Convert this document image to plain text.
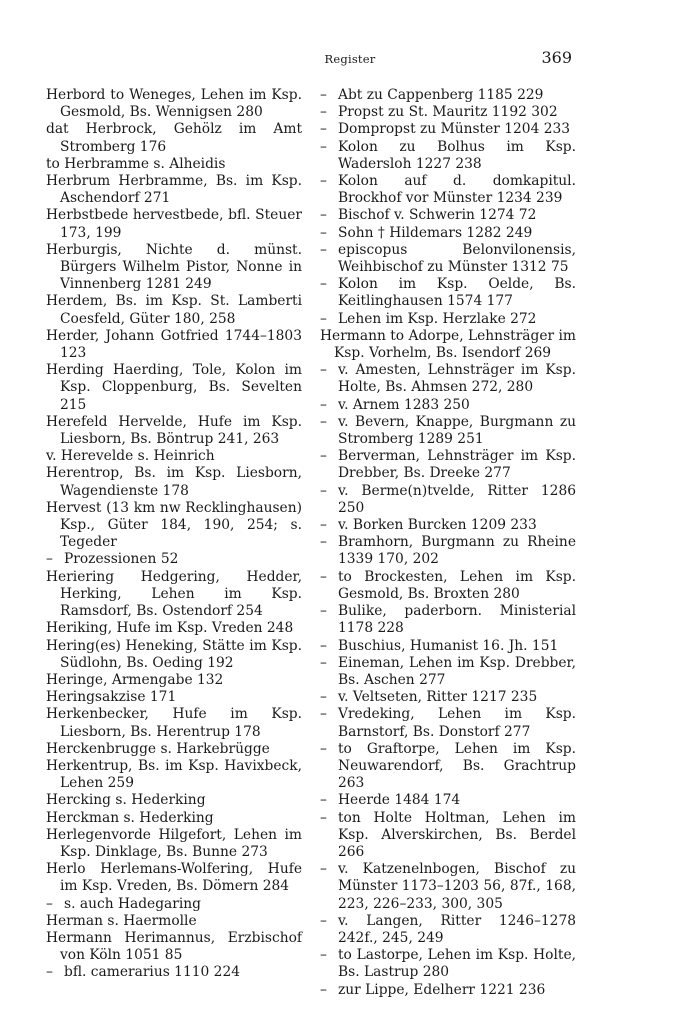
Register	369

Herbord to Weneges, Lehen im Ksp. Gesmold, Bs. Wennigsen 280

dat Herbrock, Gehölz im Amt Stromberg 176

to Herbramme s. Alheidis

Herbrum Herbramme, Bs. im Ksp. Aschendorf 271

Herbstbede hervestbede, bfl. Steuer 173, 199

Herburgis, Nichte d. münst. Bürgers Wilhelm Pistor, Nonne in Vinnenberg 1281 249

Herdem, Bs. im Ksp. St. Lamberti Coesfeld, Güter 180, 258

Herder, Johann Gotfried 1744–1803 123

Herding Haerding, Tole, Kolon im Ksp. Cloppenburg, Bs. Sevelten 215

Herefeld Hervelde, Hufe im Ksp. Liesborn, Bs. Böntrup 241, 263

v. Herevelde s. Heinrich

Herentrop, Bs. im Ksp. Liesborn, Wagendienste 178

Hervest (13 km nw Recklinghausen) Ksp., Güter 184, 190, 254; s. Tegeder

– Prozessionen 52

Heriering Hedgering, Hedder, Herking, Lehen im Ksp. Ramsdorf, Bs. Ostendorf 254

Heriking, Hufe im Ksp. Vreden 248

Hering(es) Heneking, Stätte im Ksp. Südlohn, Bs. Oeding 192

Heringe, Armengabe 132

Heringsakzise 171

Herkenbecker, Hufe im Ksp. Liesborn, Bs. Herentrup 178

Herckenbrugge s. Harkebrügge

Herkentrup, Bs. im Ksp. Havixbeck, Lehen 259

Hercking s. Hederking

Herckman s. Hederking

Herlegenvorde Hilgefort, Lehen im Ksp. Dinklage, Bs. Bunne 273

Herlo Herlemans-Wolfering, Hufe im Ksp. Vreden, Bs. Dömern 284

– s. auch Hadegaring

Herman s. Haermolle

Hermann Herimannus, Erzbischof von Köln 1051 85

– bfl. camerarius 1110 224

– Abt zu Cappenberg 1185 229

– Propst zu St. Mauritz 1192 302

– Dompropst zu Münster 1204 233

– Kolon zu Bolhus im Ksp. Wadersloh 1227 238

– Kolon auf d. domkapitul. Brockhof vor Münster 1234 239

– Bischof v. Schwerin 1274 72

– Sohn † Hildemars 1282 249

– episcopus Belonvilonensis, Weihbischof zu Münster 1312 75

– Kolon im Ksp. Oelde, Bs. Keitlinghausen 1574 177

– Lehen im Ksp. Herzlake 272

Hermann to Adorpe, Lehnsträger im Ksp. Vorhelm, Bs. Isendorf 269

– v. Amesten, Lehnsträger im Ksp. Holte, Bs. Ahmsen 272, 280

– v. Arnem 1283 250

– v. Bevern, Knappe, Burgmann zu Stromberg 1289 251

– Berverman, Lehnsträger im Ksp. Drebber, Bs. Dreeke 277

– v. Berme(n)tvelde, Ritter 1286 250

– v. Borken Burcken 1209 233

– Bramhorn, Burgmann zu Rheine 1339 170, 202

– to Brockesten, Lehen im Ksp. Gesmold, Bs. Broxten 280

– Bulike, paderborn. Ministerial 1178 228

– Buschius, Humanist 16. Jh. 151

– Eineman, Lehen im Ksp. Drebber, Bs. Aschen 277

– v. Veltseten, Ritter 1217 235

– Vredeking, Lehen im Ksp. Barnstorf, Bs. Donstorf 277

– to Graftorpe, Lehen im Ksp. Neuwarendorf, Bs. Grachtrup 263

– Heerde 1484 174

– ton Holte Holtman, Lehen im Ksp. Alverskirchen, Bs. Berdel 266

– v. Katzenelnbogen, Bischof zu Münster 1173–1203 56, 87f., 168, 223, 226–233, 300, 305

– v. Langen, Ritter 1246–1278 242f., 245, 249

– to Lastorpe, Lehen im Ksp. Holte, Bs. Lastrup 280

– zur Lippe, Edelherr 1221 236
